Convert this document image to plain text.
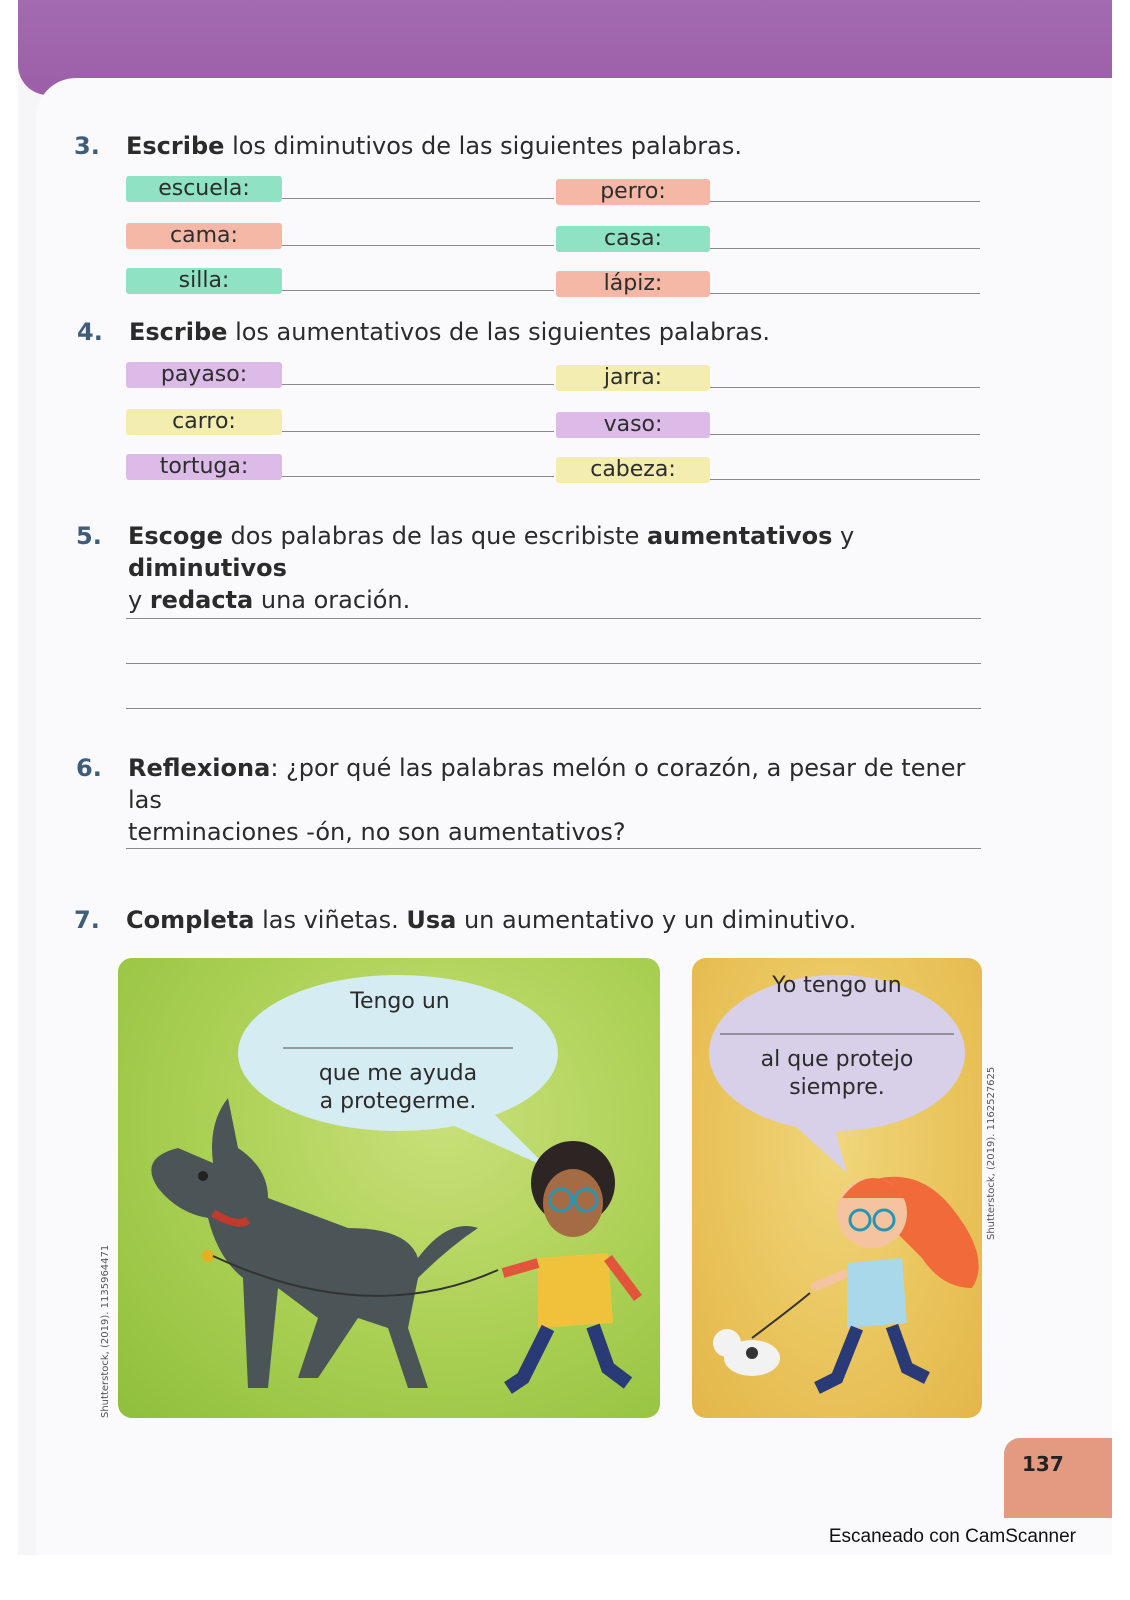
3. Escribe los diminutivos de las siguientes palabras.
4. Escribe los aumentativos de las siguientes palabras.
5. Escoge dos palabras de las que escribiste aumentativos y diminutivos
y redacta una oración.
6. Reflexiona: ¿por qué las palabras melón o corazón, a pesar de tener las
terminaciones -ón, no son aumentativos?
7. Completa las viñetas. Usa un aumentativo y un diminutivo.
Tengo un
que me ayuda
a protegerme.
Shutterstock, (2019). 1135964471
Yo tengo un
al que protejo
siempre.	Shutterstock, (2019). 1162527625
137
escuela:	perro:
cama:	casa:
silla:	lápiz:
payaso:	jarra:
carro:	vaso:
tortuga:	cabeza:
Escaneado con CamScanner
